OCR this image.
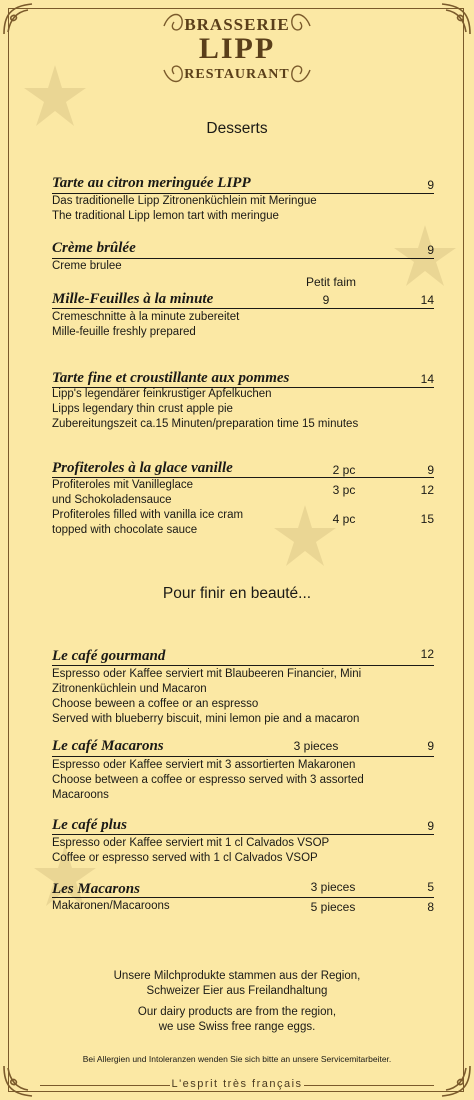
BRASSERIE
LIPP
RESTAURANT
Desserts
Tarte au citron meringuée LIPP	9
Das traditionelle Lipp Zitronenküchlein mit Meringue
The traditional Lipp lemon tart with meringue
Crème brûlée	9
Creme brulee
Petit faim
Mille-Feuilles à la minute	9	14
Cremeschnitte à la minute zubereitet
Mille-feuille freshly prepared
Tarte fine et croustillante aux pommes	14
Lipp's legendärer feinkrustiger Apfelkuchen
Lipps legendary thin crust apple pie
Zubereitungszeit ca.15 Minuten/preparation time 15 minutes
Profiteroles à la glace vanille	2 pc	9
Profiteroles mit Vanilleglace
und Schokoladensauce
3 pc	12
Profiteroles filled with vanilla ice cram
topped with chocolate sauce
4 pc	15
Pour finir en beauté...
Le café gourmand	12
Espresso oder Kaffee serviert mit Blaubeeren Financier, Mini
Zitronenküchlein und Macaron
Choose beween a coffee or an espresso
Served with blueberry biscuit, mini lemon pie and a macaron
Le café Macarons	3 pieces	9
Espresso oder Kaffee serviert mit 3 assortierten Makaronen
Choose between a coffee or espresso served with 3 assorted
Macaroons
Le café plus	9
Espresso oder Kaffee serviert mit 1 cl Calvados VSOP
Coffee or espresso served with 1 cl Calvados VSOP
Les Macarons	3 pieces	5
Makaronen/Macaroons	5 pieces	8
Unsere Milchprodukte stammen aus der Region,
Schweizer Eier aus Freilandhaltung
Our dairy products are from the region,
we use Swiss free range eggs.
Bei Allergien und Intoleranzen wenden Sie sich bitte an unsere Servicemitarbeiter.
L'esprit très français
